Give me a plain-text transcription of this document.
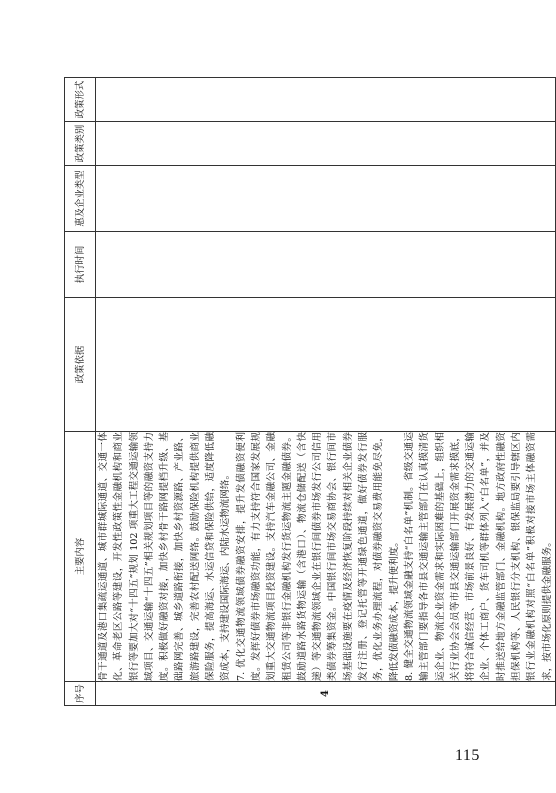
序号	主要内容	政策依据	执行时间	惠及企业类型	政策类别	政策形式
4	骨干通道及港口集疏运通道、城市群城际通道、交通一体化、革命老区公路等建设，开发性政策性金融机构和商业银行等要加大对“十四五”规划 102 项重大工程交通运输领域项目、交通运输“十四五”相关规划项目等的融资支持力度。积极做好融资对接，加快乡村骨干路网提档升级、基础路网完善、城乡道路衔接，加快乡村资源路、产业路、旅游路建设，完善农村配送网络。鼓励保险机构提供商业保险服务，提高海运、水运信贷和保险供给，适度降低融资成本，支持建设国际海运、内陆水运物流网络。 7. 优化交通物流领域债券融资安排，提升发债融资便利度。发挥好债券市场融资功能，有力支持符合国家发展规划重大交通物流项目投资建设。支持汽车金融公司、金融租赁公司等非银行金融机构发行货运物流主题金融债券。鼓励道路水路货物运输（含港口）、物流仓储配送（含快递）等交通物流领域企业在银行间债券市场发行公司信用类债券筹集资金。中国银行间市场交易商协会、银行间市场基础设施要在疫情及经济恢复阶段持续对相关企业债券发行注册、登记托管等开通绿色通道，做好债券发行服务，优化业务办理流程，对债券融资交易费用能免尽免，降低发债融资成本，提升便利度。 8. 健全交通物流领域金融支持“白名单”机制。省级交通运输主管部门要指导各市县交通运输主管部门在认真摸清货运企业、物流企业资金需求和实际困难的基础上，组织相关行业协会会员等市县交通运输部门开展资金需求摸底，将符合诚信经营、市场前景良好、有发展潜力的交通运输企业、个体工商户、货车司机等群体列入“白名单”，并及时推送给地方金融监管部门、金融机构。地方政府性融资担保机构等、人民银行分支机构、银保监局要引导辖区内银行业金融机构对照“白名单”积极对接市场主体融资需求，按市场化原则提供金融服务。					

115
